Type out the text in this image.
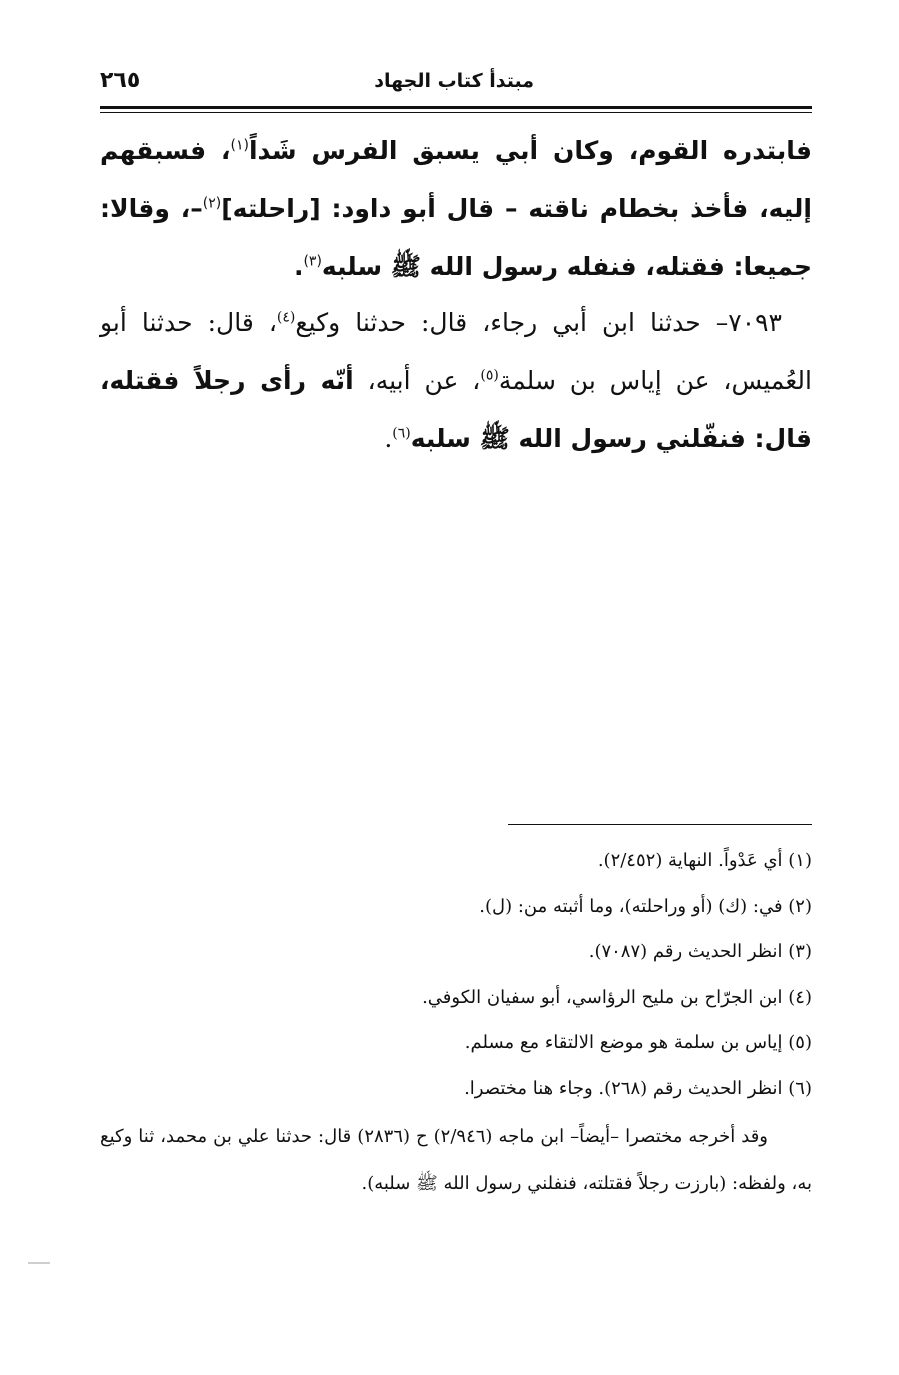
مبتدأ كتاب الجهاد
٢٦٥

فابتدره القوم، وكان أبي يسبق الفرس شَداً$^{(١)}$، فسبقهم إليه، فأخذ بخطام ناقته – قال أبو داود: [راحلته]$^{(٢)}$–، وقالا: جميعا: فقتله، فنفله رسول الله ﷺ سلبه$^{(٣)}$.

٧٠٩٣– حدثنا ابن أبي رجاء، قال: حدثنا وكيع$^{(٤)}$، قال: حدثنا أبو العُميس، عن إياس بن سلمة$^{(٥)}$، عن أبيه، أنّه رأى رجلاً فقتله، قال: فنفّلني رسول الله ﷺ سلبه$^{(٦)}$.

(١) أي عَدْواً. النهاية (٢/٤٥٢).
(٢) في: (ك) (أو وراحلته)، وما أثبته من: (ل).
(٣) انظر الحديث رقم (٧٠٨٧).
(٤) ابن الجرّاح بن مليح الرؤاسي، أبو سفيان الكوفي.
(٥) إياس بن سلمة هو موضع الالتقاء مع مسلم.
(٦) انظر الحديث رقم (٢٦٨). وجاء هنا مختصرا.
وقد أخرجه مختصرا –أيضاً– ابن ماجه (٢/٩٤٦) ح (٢٨٣٦) قال: حدثنا علي بن محمد، ثنا وكيع به، ولفظه: (بارزت رجلاً فقتلته، فنفلني رسول الله ﷺ سلبه).
